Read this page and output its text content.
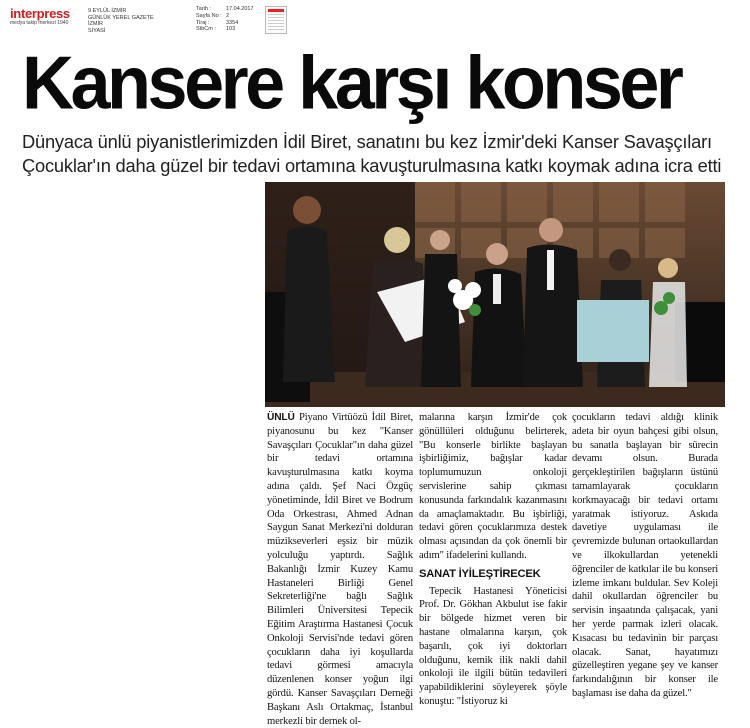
interpress
medya takip merkezi 1940
9 EYLÜL İZMİR
GÜNLÜK YEREL GAZETE
İZMİR
SİYASİ
Tarih :	17.04.2017
Sayfa No : 2
Tiraj :	3354
StbCm :	103
Kansere karşı konser
Dünyaca ünlü piyanistlerimizden İdil Biret, sanatını bu kez İzmir'deki Kanser Savaşçıları Çocuklar'ın daha güzel bir tedavi ortamına kavuşturulmasına katkı koymak adına icra etti
ÜNLÜ Piyano Virtüözü İdil Biret, piyanosunu bu kez "Kanser Savaşçıları Çocuklar"ın daha güzel bir tedavi ortamına kavuşturulmasına katkı koyma adına çaldı. Şef Naci Özgüç yönetiminde, İdil Biret ve Bodrum Oda Orkestrası, Ahmed Adnan Saygun Sanat Merkezi'ni dolduran müzikseverleri eşsiz bir müzik yolculuğu yaptırdı. Sağlık Bakanlığı İzmir Kuzey Kamu Hastaneleri Birliği Genel Sekreterliği'ne bağlı Sağlık Bilimleri Üniversitesi Tepecik Eğitim Araştırma Hastanesi Çocuk Onkoloji Servisi'nde tedavi gören çocukların daha iyi koşullarda tedavi görmesi amacıyla düzenlenen konser yoğun ilgi gördü. Kanser Savaşçıları Derneği Başkanı Aslı Ortakmaç, İstanbul merkezli bir dernek ol-
malarına karşın İzmir'de çok gönüllüleri olduğunu belirterek, "Bu konserle birlikte başlayan işbirliğimiz, bağışlar kadar toplumumuzun onkoloji servislerine sahip çıkması konusunda farkındalık kazanmasını da amaçlamaktadır. Bu işbirliği, tedavi gören çocuklarımıza destek olması açısından da çok önemli bir adım" ifadelerini kullandı.
SANAT İYİLEŞTİRECEK
Tepecik Hastanesi Yöneticisi Prof. Dr. Gökhan Akbulut ise fakir bir bölgede hizmet veren bir hastane olmalarına karşın, çok başarılı, çok iyi doktorları olduğunu, kemik ilik nakli dahil onkoloji ile ilgili bütün tedavileri yapabildiklerini söyleyerek şöyle konuştu: "İstiyoruz ki
çocukların tedavi aldığı klinik adeta bir oyun bahçesi gibi olsun, bu sanatla başlayan bir sürecin devamı olsun. Burada gerçekleştirilen bağışların üstünü tamamlayarak çocukların korkmayacağı bir tedavi ortamı yaratmak istiyoruz. Askıda davetiye uygulaması ile çevremizde bulunan ortaokullardan ve ilkokullardan yetenekli öğrenciler de katkılar ile bu konseri izleme imkanı buldular. Sev Koleji dahil okullardan öğrenciler bu servisin inşaatında çalışacak, yani her yerde parmak izleri olacak. Kısacası bu tedavinin bir parçası olacak. Sanat, hayatımızı güzelleştiren yegane şey ve kanser farkındalığının bir konser ile başlaması ise daha da güzel."
